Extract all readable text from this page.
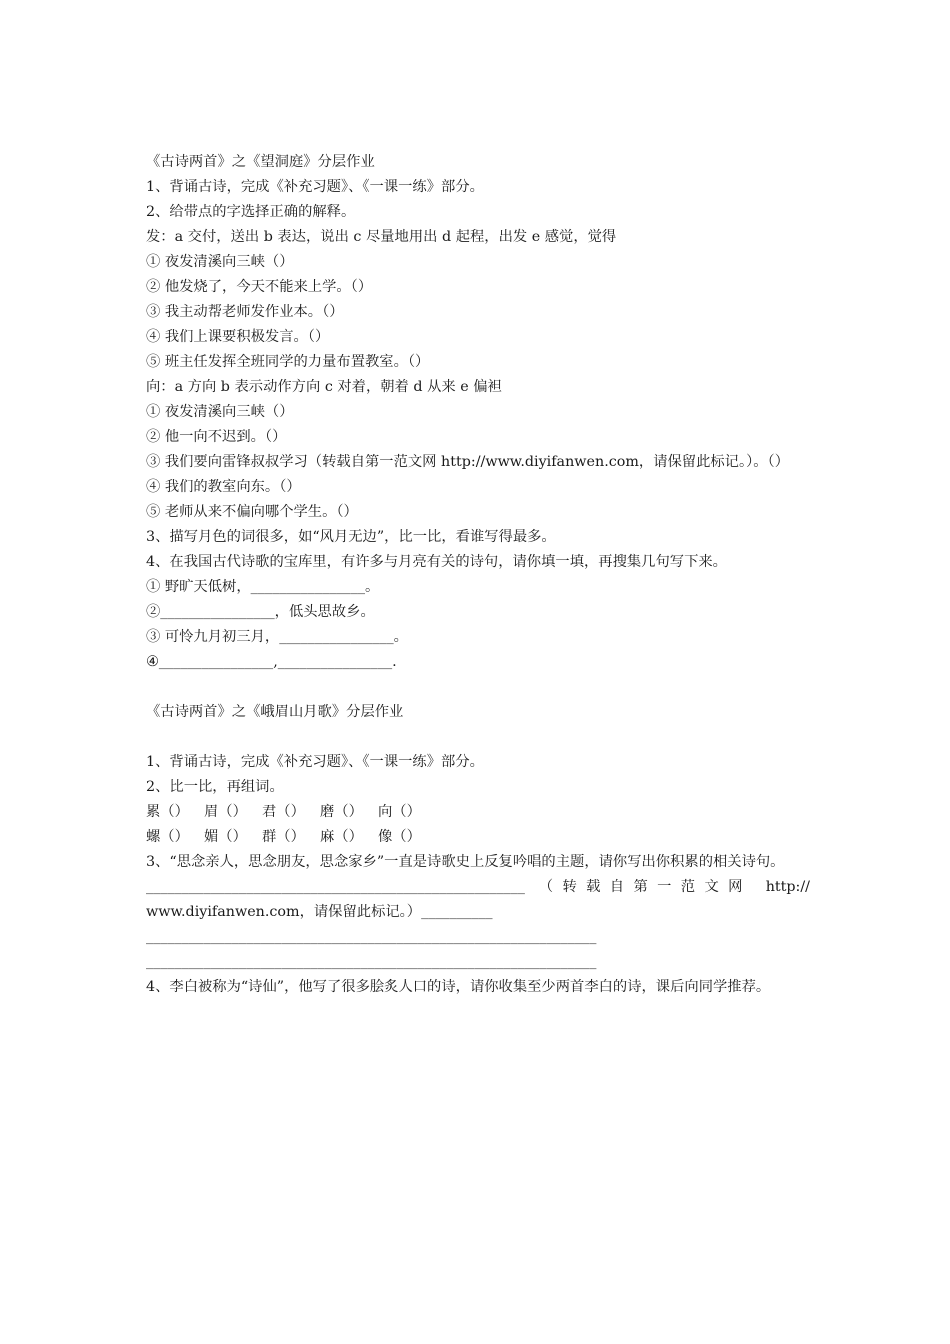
《古诗两首》之《望洞庭》分层作业
1、背诵古诗，完成《补充习题》、《一课一练》部分。
2、给带点的字选择正确的解释。
发：a 交付，送出 b 表达，说出 c 尽量地用出 d 起程，出发 e 感觉，觉得
① 夜发清溪向三峡（）
② 他发烧了，今天不能来上学。（）
③ 我主动帮老师发作业本。（）
④ 我们上课要积极发言。（）
⑤ 班主任发挥全班同学的力量布置教室。（）
向：a 方向 b 表示动作方向 c 对着，朝着 d 从来 e 偏袒
① 夜发清溪向三峡（）
② 他一向不迟到。（）
③ 我们要向雷锋叔叔学习（转载自第一范文网 http://www.diyifanwen.com，请保留此标记。）。（）
④ 我们的教室向东。（）
⑤ 老师从来不偏向哪个学生。（）
3、描写月色的词很多，如“风月无边”，比一比，看谁写得最多。
4、在我国古代诗歌的宝库里，有许多与月亮有关的诗句，请你填一填，再搜集几句写下来。
① 野旷天低树，________________。
②________________，低头思故乡。
③ 可怜九月初三月，________________。
④________________,________________.
《古诗两首》之《峨眉山月歌》分层作业
1、背诵古诗，完成《补充习题》、《一课一练》部分。
2、比一比，再组词。
累（）	眉（）	君（）	磨（）	向（）
螺（）	媚（）	群（）	麻（）	像（）
3、“思念亲人，思念朋友，思念家乡”一直是诗歌史上反复吟唱的主题，请你写出你积累的相关诗句。
_____________________________________________________ （转载自第一范文网 http://
www.diyifanwen.com，请保留此标记。）__________
_______________________________________________________________
_______________________________________________________________
4、李白被称为“诗仙”，他写了很多脍炙人口的诗，请你收集至少两首李白的诗，课后向同学推荐。
